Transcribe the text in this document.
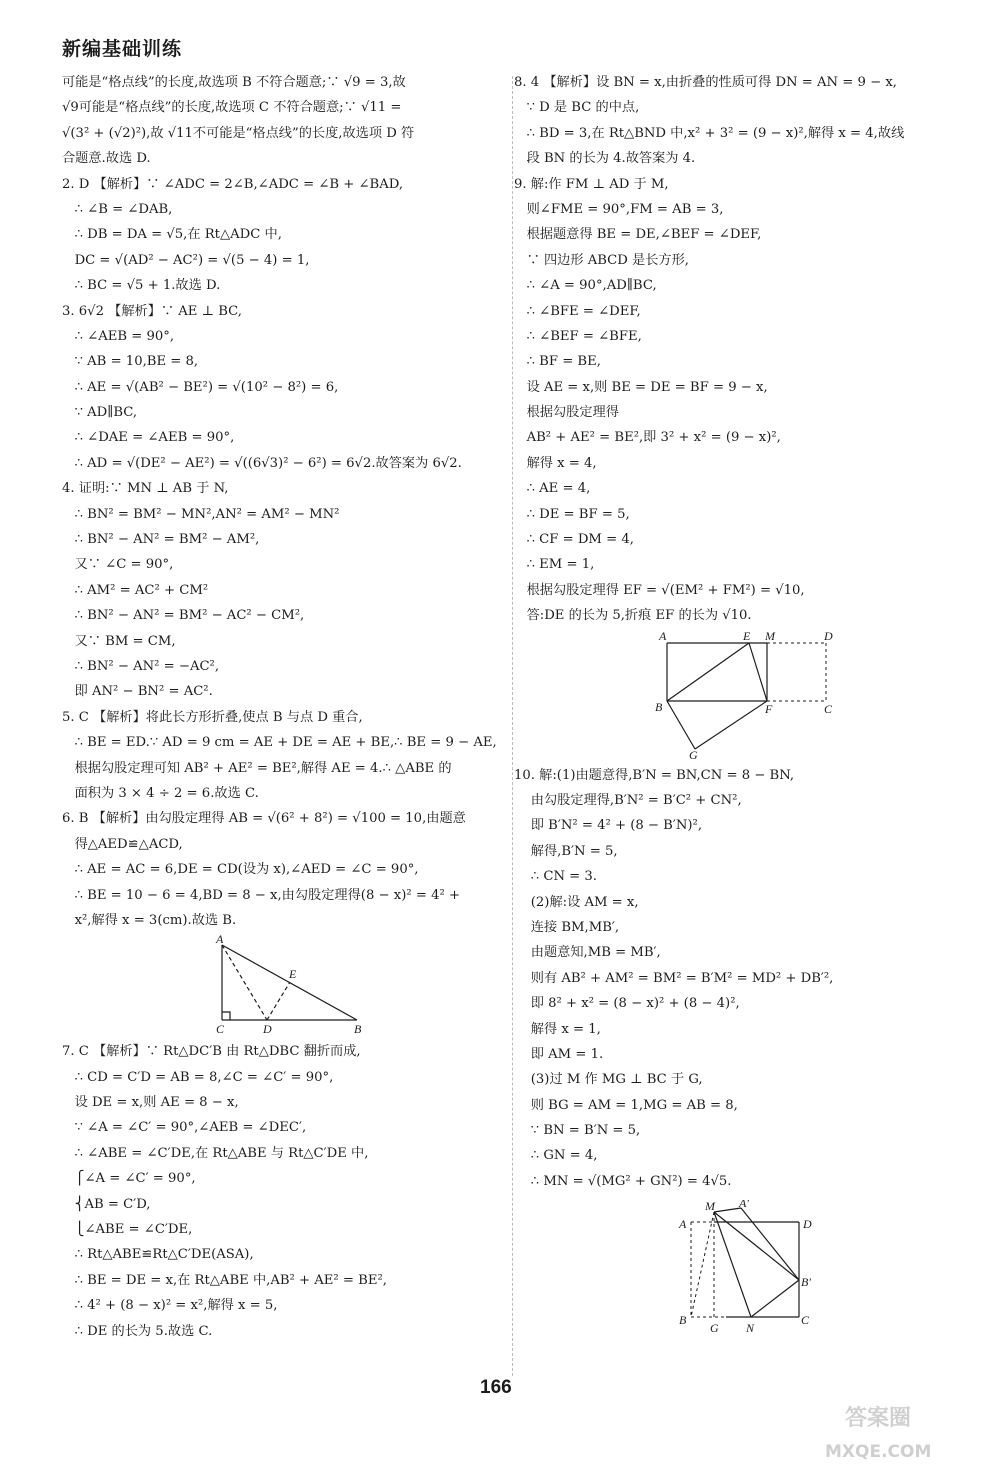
新编基础训练
可能是“格点线”的长度,故选项 B 不符合题意;∵ √9 = 3,故
√9可能是“格点线”的长度,故选项 C 不符合题意;∵ √11 =
√(3² + (√2)²),故 √11不可能是“格点线”的长度,故选项 D 符
合题意.故选 D.
2. D 【解析】∵ ∠ADC = 2∠B,∠ADC = ∠B + ∠BAD,
∴ ∠B = ∠DAB,
∴ DB = DA = √5,在 Rt△ADC 中,
DC = √(AD² − AC²) = √(5 − 4) = 1,
∴ BC = √5 + 1.故选 D.
3. 6√2 【解析】∵ AE ⊥ BC,
∴ ∠AEB = 90°,
∵ AB = 10,BE = 8,
∴ AE = √(AB² − BE²) = √(10² − 8²) = 6,
∵ AD∥BC,
∴ ∠DAE = ∠AEB = 90°,
∴ AD = √(DE² − AE²) = √((6√3)² − 6²) = 6√2.故答案为 6√2.
4. 证明:∵ MN ⊥ AB 于 N,
∴ BN² = BM² − MN²,AN² = AM² − MN²
∴ BN² − AN² = BM² − AM²,
又∵ ∠C = 90°,
∴ AM² = AC² + CM²
∴ BN² − AN² = BM² − AC² − CM²,
又∵ BM = CM,
∴ BN² − AN² = −AC²,
即 AN² − BN² = AC².
5. C 【解析】将此长方形折叠,使点 B 与点 D 重合,
∴ BE = ED.∵ AD = 9 cm = AE + DE = AE + BE,∴ BE = 9 − AE,
根据勾股定理可知 AB² + AE² = BE²,解得 AE = 4.∴ △ABE 的
面积为 3 × 4 ÷ 2 = 6.故选 C.
6. B 【解析】由勾股定理得 AB = √(6² + 8²) = √100 = 10,由题意
得△AED≌△ACD,
∴ AE = AC = 6,DE = CD(设为 x),∠AED = ∠C = 90°,
∴ BE = 10 − 6 = 4,BD = 8 − x,由勾股定理得(8 − x)² = 4² +
x²,解得 x = 3(cm).故选 B.
A
E
C	D	B
7. C 【解析】∵ Rt△DC′B 由 Rt△DBC 翻折而成,
∴ CD = C′D = AB = 8,∠C = ∠C′ = 90°,
设 DE = x,则 AE = 8 − x,
∵ ∠A = ∠C′ = 90°,∠AEB = ∠DEC′,
∴ ∠ABE = ∠C′DE,在 Rt△ABE 与 Rt△C′DE 中,
⎧∠A = ∠C′ = 90°,
⎨AB = C′D,
⎩∠ABE = ∠C′DE,
∴ Rt△ABE≌Rt△C′DE(ASA),
∴ BE = DE = x,在 Rt△ABE 中,AB² + AE² = BE²,
∴ 4² + (8 − x)² = x²,解得 x = 5,
∴ DE 的长为 5.故选 C.
8. 4 【解析】设 BN = x,由折叠的性质可得 DN = AN = 9 − x,
∵ D 是 BC 的中点,
∴ BD = 3,在 Rt△BND 中,x² + 3² = (9 − x)²,解得 x = 4,故线
段 BN 的长为 4.故答案为 4.
9. 解:作 FM ⊥ AD 于 M,
则∠FME = 90°,FM = AB = 3,
根据题意得 BE = DE,∠BEF = ∠DEF,
∵ 四边形 ABCD 是长方形,
∴ ∠A = 90°,AD∥BC,
∴ ∠BFE = ∠DEF,
∴ ∠BEF = ∠BFE,
∴ BF = BE,
设 AE = x,则 BE = DE = BF = 9 − x,
根据勾股定理得
AB² + AE² = BE²,即 3² + x² = (9 − x)²,
解得 x = 4,
∴ AE = 4,
∴ DE = BF = 5,
∴ CF = DM = 4,
∴ EM = 1,
根据勾股定理得 EF = √(EM² + FM²) = √10,
答:DE 的长为 5,折痕 EF 的长为 √10.
A	E M	D
B	F	C
G
10. 解:(1)由题意得,B′N = BN,CN = 8 − BN,
由勾股定理得,B′N² = B′C² + CN²,
即 B′N² = 4² + (8 − B′N)²,
解得,B′N = 5,
∴ CN = 3.
(2)解:设 AM = x,
连接 BM,MB′,
由题意知,MB = MB′,
则有 AB² + AM² = BM² = B′M² = MD² + DB′²,
即 8² + x² = (8 − x)² + (8 − 4)²,
解得 x = 1,
即 AM = 1.
(3)过 M 作 MG ⊥ BC 于 G,
则 BG = AM = 1,MG = AB = 8,
∵ BN = B′N = 5,
∴ GN = 4,
∴ MN = √(MG² + GN²) = 4√5.
M A′
A	D
B′
B
G N
C
166
答案圈
MXQE.COM
